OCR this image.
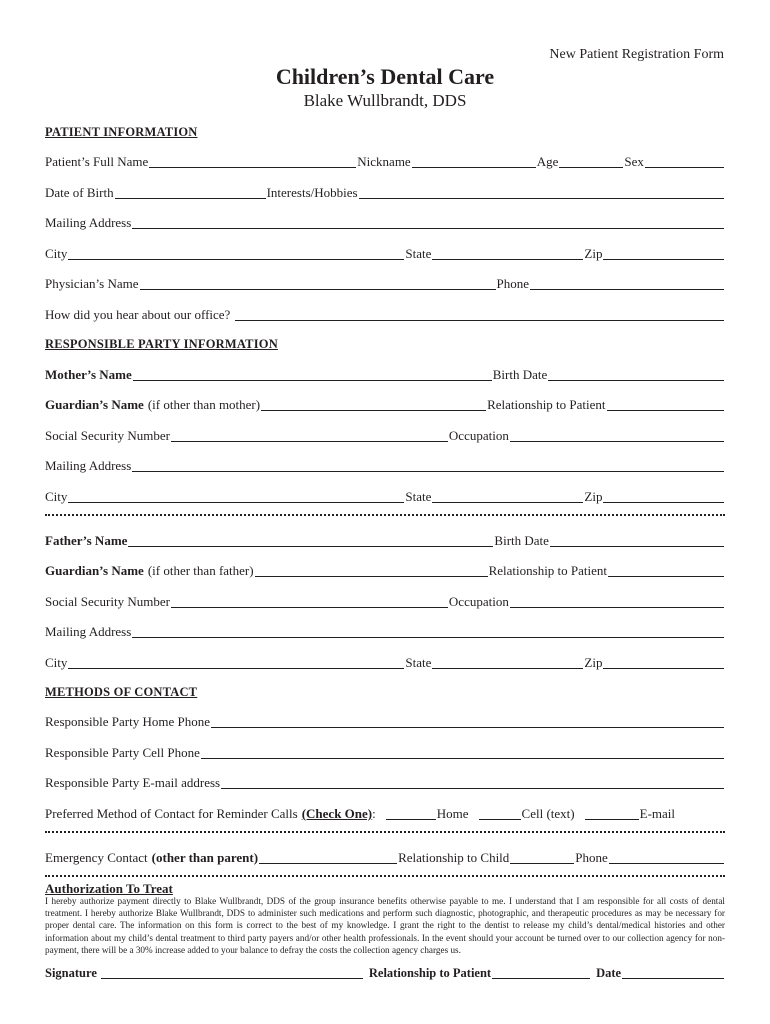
New Patient Registration Form
Children’s Dental Care
Blake Wullbrandt, DDS
PATIENT INFORMATION
Patient’s Full Name	Nickname	Age	Sex
Date of Birth	Interests/Hobbies
Mailing Address
City	State	Zip
Physician’s Name	Phone
How did you hear about our office?
RESPONSIBLE PARTY INFORMATION
Mother’s Name	Birth Date
Guardian’s Name (if other than mother)	Relationship to Patient
Social Security Number	Occupation
Mailing Address
City	State	Zip
Father’s Name	Birth Date
Guardian’s Name (if other than father)	Relationship to Patient
Social Security Number	Occupation
Mailing Address
City	State	Zip
METHODS OF CONTACT
Responsible Party Home Phone
Responsible Party Cell Phone
Responsible Party E-mail address
Preferred Method of Contact for Reminder Calls (Check One) :	Home	Cell (text)	E-mail
Emergency Contact (other than parent)	Relationship to Child	Phone
Authorization To Treat
I hereby authorize payment directly to Blake Wullbrandt, DDS of the group insurance benefits otherwise payable to me. I understand that I am responsible for all costs of dental treatment. I hereby authorize Blake Wullbrandt, DDS to administer such medications and perform such diagnostic, photographic, and therapeutic procedures as may be necessary for proper dental care. The information on this form is correct to the best of my knowledge. I grant the right to the dentist to release my child’s dental/medical histories and other information about my child’s dental treatment to third party payers and/or other health professionals. In the event should your account be turned over to our collection agency for non-payment, there will be a 30% increase added to your balance to defray the costs the collection agency charges us.
Signature	Relationship to Patient	Date
